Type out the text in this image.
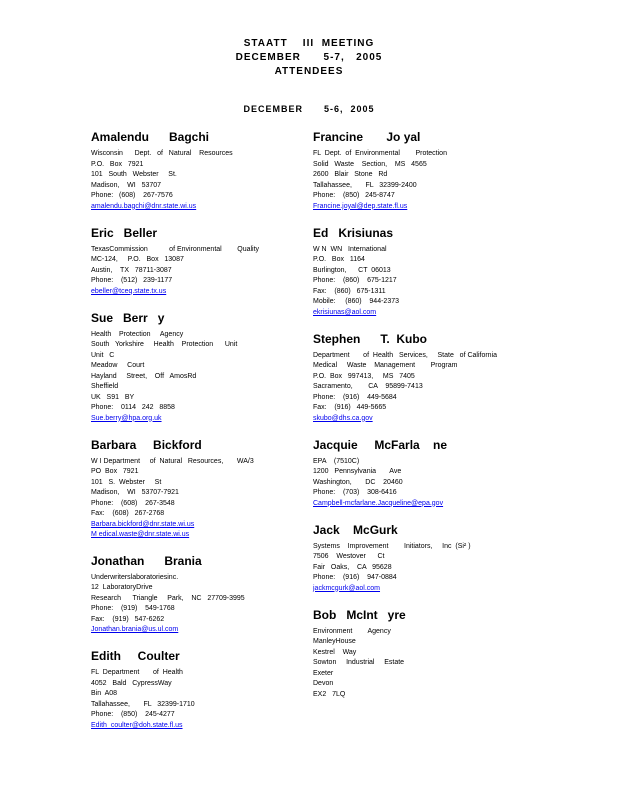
STAATT    III  MEETING
DECEMBER      5-7,   2005
ATTENDEES
DECEMBER      5-6,  2005
Amalendu      Bagchi
Wisconsin      Dept.   of   Natural    Resources
P.O.   Box   7921
101   South   Webster     St.
Madison,    WI   53707
Phone:   (608)    267-7576
amalendu.bagchi@dnr.state.wi.us
Eric   Beller
TexasCommission           of Environmental        Quality
MC-124,     P.O.   Box   13087
Austin,    TX   78711-3087
Phone:    (512)   239-1177
ebeller@tceq.state.tx.us
Sue   Berr   y
Health    Protection     Agency
South   Yorkshire     Health    Protection      Unit
Unit   C
Meadow     Court
Hayland     Street,    Off   AmosRd
Sheffield
UK   S91   BY
Phone:    0114   242   8858
Sue.berry@hpa.org.uk
Barbara     Bickford
W I Department     of  Natural   Resources,       WA/3
PO  Box   7921
101   S.  Webster     St
Madison,    WI   53707-7921
Phone:    (608)    267-3548
Fax:    (608)   267-2768
Barbara.bickford@dnr.state.wi.us
M edical.waste@dnr.state.wi.us
Jonathan      Brania
Underwriterslaboratoriesinc.
12  LaboratoryDrive
Research      Triangle     Park,    NC   27709-3995
Phone:    (919)    549-1768
Fax:    (919)   547-6262
Jonathan.brania@us.ul.com
Edith     Coulter
FL  Department       of  Health
4052   Bald   CypressWay
Bin  A08
Tallahassee,       FL   32399-1710
Phone:    (850)    245-4277
Edith_coulter@doh.state.fl.us
Francine       Jo yal
FL  Dept.  of  Environmental        Protection
Solid   Waste    Section,    MS   4565
2600   Blair   Stone   Rd
Tallahassee,       FL   32399-2400
Phone:    (850)   245-8747
Francine.joyal@dep.state.fl.us
Ed   Krisiunas
W N  WN   International
P.O.   Box   1164
Burlington,      CT  06013
Phone:    (860)    675-1217
Fax:    (860)   675-1311
Mobile:     (860)    944-2373
ekrisiunas@aol.com
Stephen      T.  Kubo
Department       of  Health   Services,     State   of California
Medical     Waste    Management        Program
P.O.  Box   997413,     MS   7405
Sacramento,        CA    95899-7413
Phone:    (916)    449-5684
Fax:    (916)   449-5665
skubo@dhs.ca.gov
Jacquie     McFarla    ne
EPA    (7510C)
1200   Pennsylvania       Ave
Washington,       DC    20460
Phone:    (703)    308-6416
Campbell-mcfarlane.Jacqueline@epa.gov
Jack    McGurk
Systems    Improvement        Initiators,     Inc  (Si² )
7506    Westover      Ct
Fair   Oaks,    CA   95628
Phone:    (916)    947-0884
jackmcgurk@aol.com
Bob   McInt   yre
Environment        Agency
ManleyHouse
Kestrel    Way
Sowton     Industrial     Estate
Exeter
Devon
EX2   7LQ
